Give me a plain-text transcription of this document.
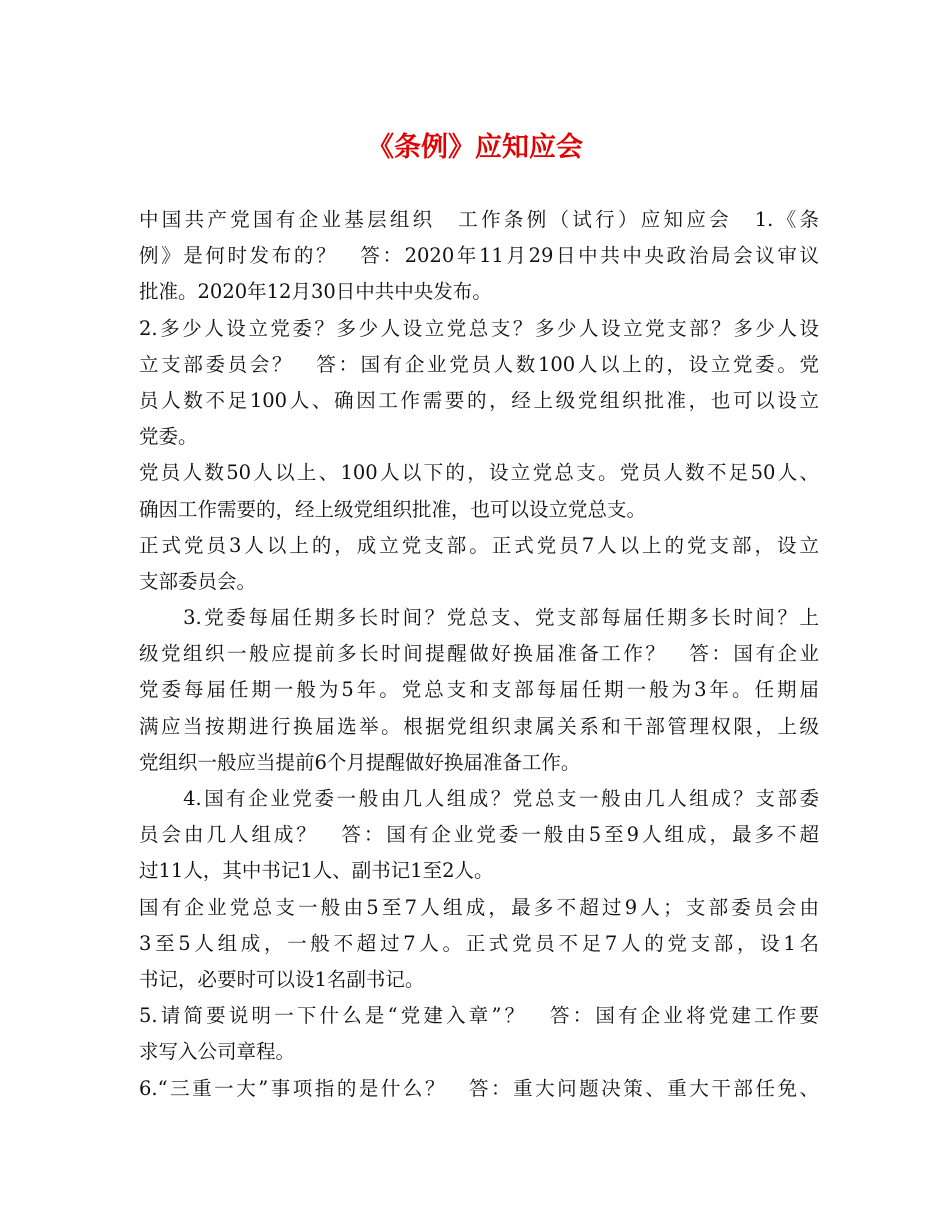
《条例》应知应会
中国共产党国有企业基层组织　工作条例（试行）应知应会　1.《条
例》是何时发布的？　答：2020年11月29日中共中央政治局会议审议
批准。2020年12月30日中共中央发布。
2.多少人设立党委？多少人设立党总支？多少人设立党支部？多少人设
立支部委员会？　答：国有企业党员人数100人以上的，设立党委。党
员人数不足100人、确因工作需要的，经上级党组织批准，也可以设立
党委。
党员人数50人以上、100人以下的，设立党总支。党员人数不足50人、
确因工作需要的，经上级党组织批准，也可以设立党总支。
正式党员3人以上的，成立党支部。正式党员7人以上的党支部，设立
支部委员会。
　　3.党委每届任期多长时间？党总支、党支部每届任期多长时间？上
级党组织一般应提前多长时间提醒做好换届准备工作？　答：国有企业
党委每届任期一般为5年。党总支和支部每届任期一般为3年。任期届
满应当按期进行换届选举。根据党组织隶属关系和干部管理权限，上级
党组织一般应当提前6个月提醒做好换届准备工作。
　　4.国有企业党委一般由几人组成？党总支一般由几人组成？支部委
员会由几人组成？　答：国有企业党委一般由5至9人组成，最多不超
过11人，其中书记1人、副书记1至2人。
国有企业党总支一般由5至7人组成，最多不超过9人；支部委员会由
3至5人组成，一般不超过7人。正式党员不足7人的党支部，设1名
书记，必要时可以设1名副书记。
5.请简要说明一下什么是“党建入章”？　答：国有企业将党建工作要
求写入公司章程。
6.“三重一大”事项指的是什么？　答：重大问题决策、重大干部任免、
